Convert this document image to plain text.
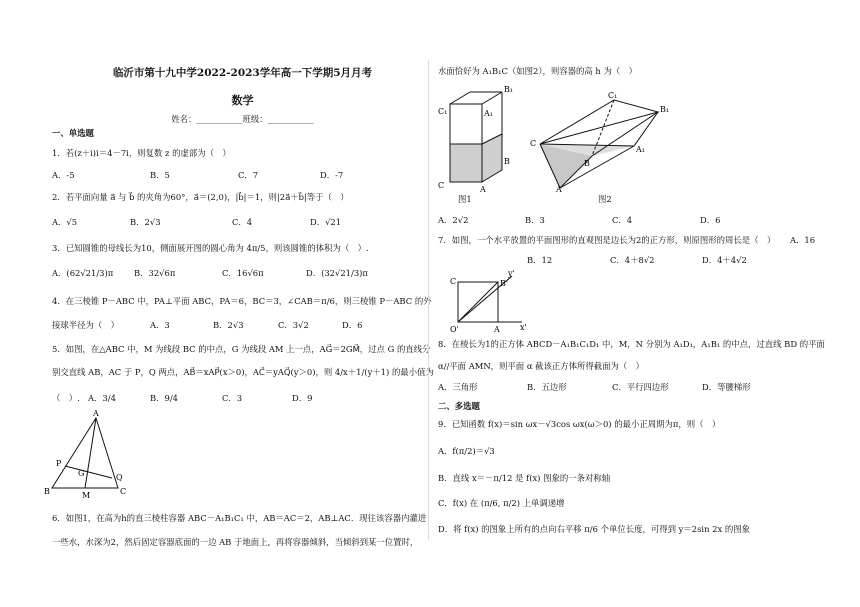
临沂市第十九中学2022-2023学年高一下学期5月月考
数学
姓名：___________班级：___________
一、单选题
1．若(z＋i)i＝4－7i，则复数 z 的虚部为（　）
A．-5	B．5	C．7	D．-7
2．若平面向量 a⃗ 与 b⃗ 的夹角为60°，a⃗＝(2,0)，|b⃗|＝1，则|2a⃗＋b⃗|等于（　）
A．√5	B．2√3	C．4	D．√21
3．已知圆锥的母线长为10，侧面展开图的圆心角为 4π/5，则该圆锥的体积为（　）.
A．(62√21/3)π B．32√6π	C．16√6π	D．(32√21/3)π
4．在三棱锥 P－ABC 中，PA⊥平面 ABC，PA＝6，BC＝3，∠CAB＝π/6，则三棱锥 P－ABC 的外
接球半径为（　）	A．3	B．2√3	C．3√2	D．6
5．如图，在△ABC 中，M 为线段 BC 的中点，G 为线段 AM 上一点，AG⃗＝2GM⃗，过点 G 的直线分
别交直线 AB，AC 于 P，Q 两点，AB⃗＝xAP⃗(x＞0)，AC⃗＝yAQ⃗(y＞0)，则 4/x＋1/(y＋1) 的最小值为
（　）. A．3/4	B．9/4	C．3	D．9
A
P
G	Q
B	M	C
6．如图1，在高为h的直三棱柱容器 ABC－A₁B₁C₁ 中，AB＝AC＝2，AB⊥AC．现往该容器内灌进
一些水，水深为2，然后固定容器底面的一边 AB 于地面上，再将容器倾斜，当倾斜到某一位置时，
水面恰好为 A₁B₁C（如图2），则容器的高 h 为（　）
B₁
C₁	A₁
B
C	A
图1
C₁
B₁
C
A₁
B
A
图2
A．2√2	B．3	C．4	D．6
7．如图，一个水平放置的平面图形的直观图是边长为2的正方形，则原图形的周长是（　） A．16
B．12	C．4＋8√2	D．4＋4√2
C	B'
y'
O'	A	x'
8．在棱长为1的正方体 ABCD－A₁B₁C₁D₁ 中，M，N 分别为 A₁D₁，A₁B₁ 的中点，过直线 BD 的平面
α//平面 AMN，则平面 α 截该正方体所得截面为（　）
A．三角形	B．五边形	C．平行四边形	D．等腰梯形
二、多选题
9．已知函数 f(x)＝sin ωx－√3cos ωx(ω＞0) 的最小正周期为π，则（　）
A．f(π/2)＝√3
B．直线 x＝－π/12 是 f(x) 图象的一条对称轴
C．f(x) 在 (π/6, π/2) 上单调递增
D．将 f(x) 的图象上所有的点向右平移 π/6 个单位长度，可得到 y＝2sin 2x 的图象
